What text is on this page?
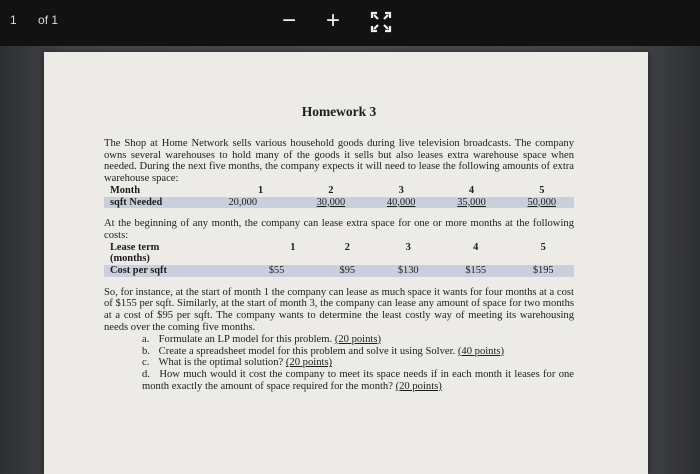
1 of 1	− +

Homework 3

The Shop at Home Network sells various household goods during live television broadcasts. The company owns several warehouses to hold many of the goods it sells but also leases extra warehouse space when needed. During the next five months, the company expects it will need to lease the following amounts of extra warehouse space:

Month	1	2	3	4	5
sqft Needed	20,000	30,000	40,000	35,000	50,000

At the beginning of any month, the company can lease extra space for one or more months at the following costs:

Lease term	1	2	3	4	5
(months)					
Cost per sqft	$55	$95	$130	$155	$195

So, for instance, at the start of month 1 the company can lease as much space it wants for four months at a cost of $155 per sqft. Similarly, at the start of month 3, the company can lease any amount of space for two months at a cost of $95 per sqft. The company wants to determine the least costly way of meeting its warehousing needs over the coming five months.

a. Formulate an LP model for this problem. (20 points)
b. Create a spreadsheet model for this problem and solve it using Solver. (40 points)
c. What is the optimal solution? (20 points)
d. How much would it cost the company to meet its space needs if in each month it leases for one month exactly the amount of space required for the month? (20 points)
